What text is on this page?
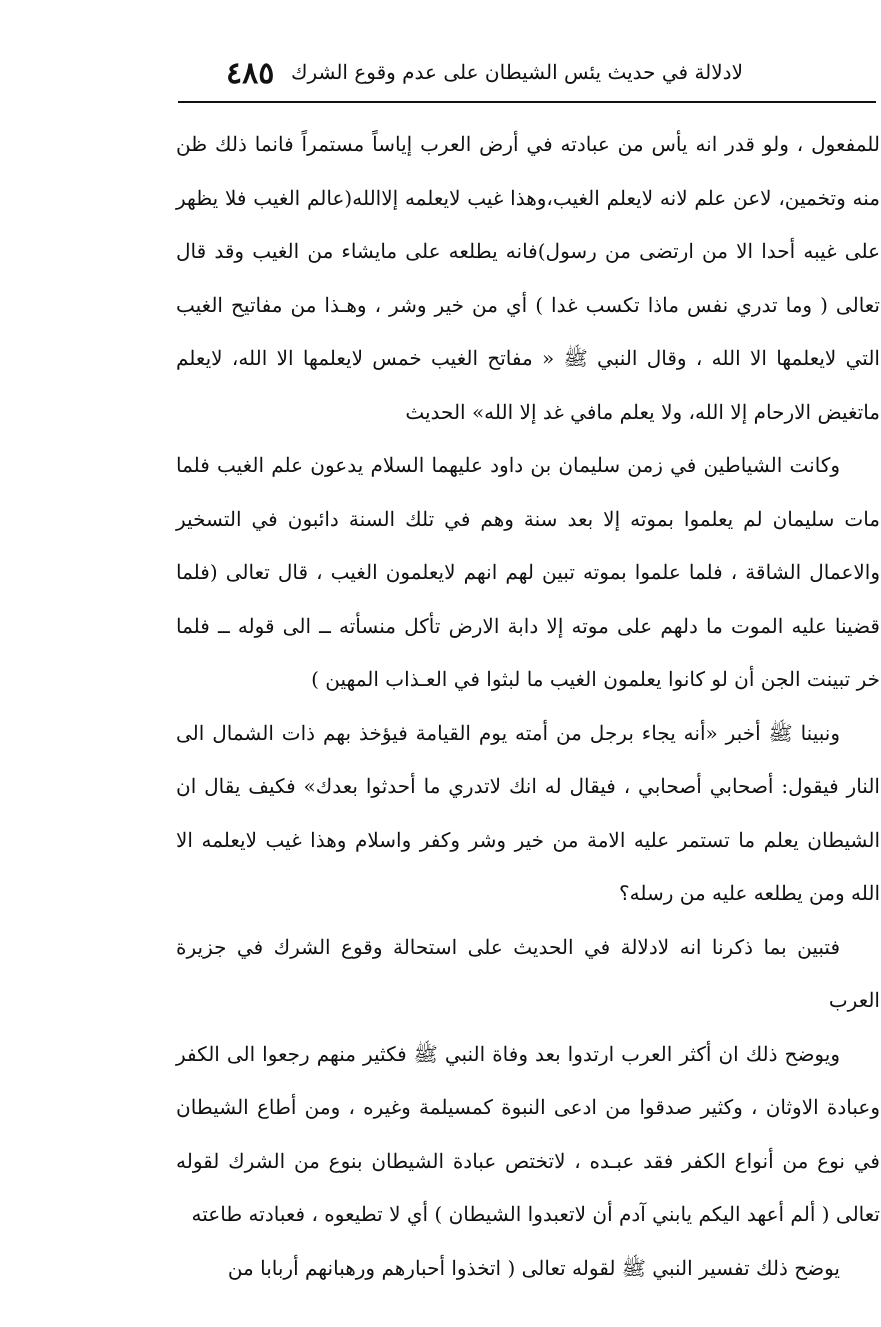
٤٨٥ لادلالة في حديث يئس الشيطان على عدم وقوع الشرك

للمفعول ، ولو قدر انه يأس من عبادته في أرض العرب إياساً مستمراً فانما ذلك ظن منه وتخمين، لاعن علم لانه لايعلم الغيب،وهذا غيب لايعلمه إلاالله(عالم الغيب فلا يظهر على غيبه أحدا الا من ارتضى من رسول)فانه يطلعه على مايشاء من الغيب وقد قال تعالى ( وما تدري نفس ماذا تكسب غدا ) أي من خير وشر ، وهـذا من مفاتيح الغيب التي لايعلمها الا الله ، وقال النبي ﷺ « مفاتح الغيب خمس لايعلمها الا الله، لايعلم ماتغيض الارحام إلا الله، ولا يعلم مافي غد إلا الله» الحديث

وكانت الشياطين في زمن سليمان بن داود عليهما السلام يدعون علم الغيب فلما مات سليمان لم يعلموا بموته إلا بعد سنة وهم في تلك السنة دائبون في التسخير والاعمال الشاقة ، فلما علموا بموته تبين لهم انهم لايعلمون الغيب ، قال تعالى (فلما قضينا عليه الموت ما دلهم على موته إلا دابة الارض تأكل منسأته ــ الى قوله ــ فلما خر تبينت الجن أن لو كانوا يعلمون الغيب ما لبثوا في العـذاب المهين )

ونبينا ﷺ أخبر «أنه يجاء برجل من أمته يوم القيامة فيؤخذ بهم ذات الشمال الى النار فيقول: أصحابي أصحابي ، فيقال له انك لاتدري ما أحدثوا بعدك» فكيف يقال ان الشيطان يعلم ما تستمر عليه الامة من خير وشر وكفر واسلام وهذا غيب لايعلمه الا الله ومن يطلعه عليه من رسله؟

فتبين بما ذكرنا انه لادلالة في الحديث على استحالة وقوع الشرك في جزيرة العرب

ويوضح ذلك ان أكثر العرب ارتدوا بعد وفاة النبي ﷺ فكثير منهم رجعوا الى الكفر وعبادة الاوثان ، وكثير صدقوا من ادعى النبوة كمسيلمة وغيره ، ومن أطاع الشيطان في نوع من أنواع الكفر فقد عبـده ، لاتختص عبادة الشيطان بنوع من الشرك لقوله تعالى ( ألم أعهد اليكم يابني آدم أن لاتعبدوا الشيطان ) أي لا تطيعوه ، فعبادته طاعته

يوضح ذلك تفسير النبي ﷺ لقوله تعالى ( اتخذوا أحبارهم ورهبانهم أربابا من
